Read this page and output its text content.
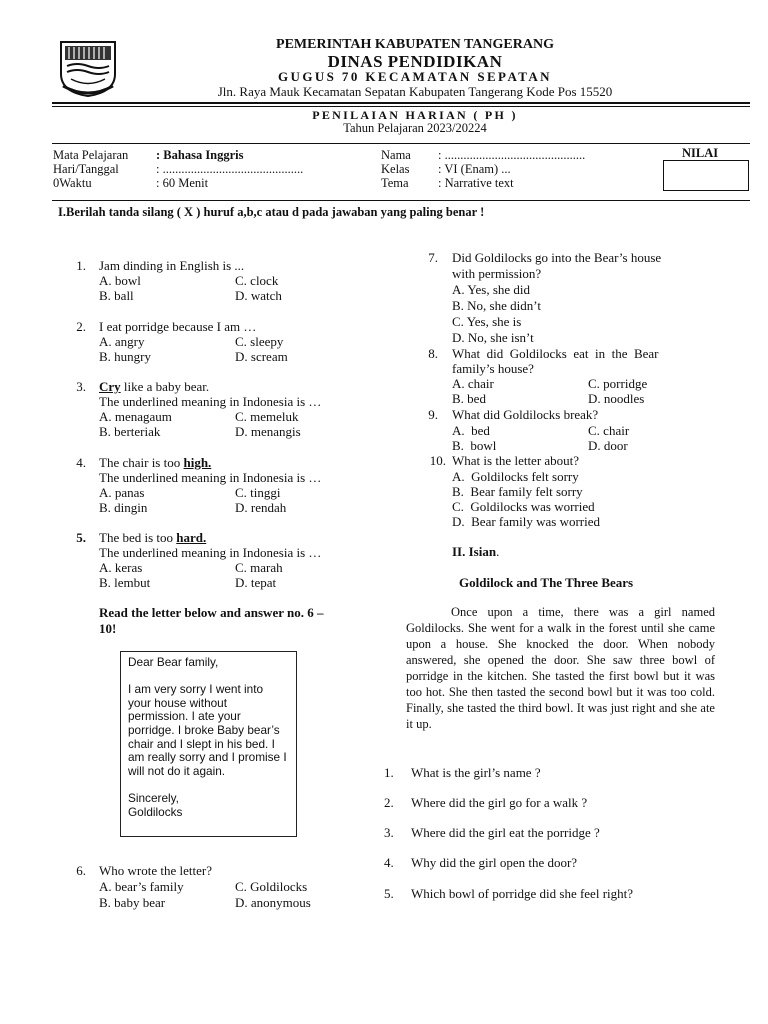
PEMERINTAH KABUPATEN TANGERANG
DINAS PENDIDIKAN
GUGUS 70 KECAMATAN SEPATAN
Jln. Raya Mauk Kecamatan Sepatan Kabupaten Tangerang Kode Pos 15520
PENILAIAN HARIAN ( PH )
Tahun Pelajaran 2023/20224
Mata Pelajaran : Bahasa Inggris
Hari/Tanggal	: .............................................
0Waktu	: 60 Menit
Nama : .............................................
Kelas : VI (Enam) ...
Tema : Narrative text
NILAI
I.Berilah tanda silang ( X ) huruf a,b,c atau d pada jawaban yang paling benar !
1. Jam dinding in English is ...
A. bowl	C. clock
B. ball	D. watch
2. I eat porridge because I am …
A. angry	C. sleepy
B. hungry	D. scream
3. Cry like a baby bear.
The underlined meaning in Indonesia is …
A. menagaum	C. memeluk
B. berteriak	D. menangis
4. The chair is too high.
The underlined meaning in Indonesia is …
A. panas	C. tinggi
B. dingin	D. rendah
5. The bed is too hard.
The underlined meaning in Indonesia is …
A. keras	C. marah
B. lembut	D. tepat
Read the letter below and answer no. 6 –
10!

Dear Bear family,

I am very sorry I went into your house without permission. I ate your porridge. I broke Baby bear’s chair and I slept in his bed. I am really sorry and I promise I will not do it again.

Sincerely,
Goldilocks
6. Who wrote the letter?
A. bear’s family	C. Goldilocks
B. baby bear	D. anonymous
7. Did Goldilocks go into the Bear’s house
with permission?
A. Yes, she did
B. No, she didn’t
C. Yes, she is
D. No, she isn’t
8. What  did  Goldilocks  eat  in  the  Bear
family’s house?
A. chair	C. porridge
B. bed	D. noodles
9. What did Goldilocks break?
A.  bed	C. chair
B.  bowl	D. door
10. What is the letter about?
A.  Goldilocks felt sorry
B.  Bear family felt sorry
C.  Goldilocks was worried
D.  Bear family was worried
II. Isian.
Goldilock and The Three Bears
Once upon a time, there was a girl named Goldilocks. She went for a walk in the forest until she came upon a house. She knocked the door. When nobody answered, she opened the door. She saw three bowl of porridge in the kitchen. She tasted the first bowl but it was too hot. She then tasted the second bowl but it was too cold. Finally, she tasted the third bowl. It was just right and she ate it up.
1. What is the girl’s name ?
2. Where did the girl go for a walk ?
3. Where did the girl eat the porridge ?
4. Why did the girl open the door?
5. Which bowl of porridge did she feel right?
